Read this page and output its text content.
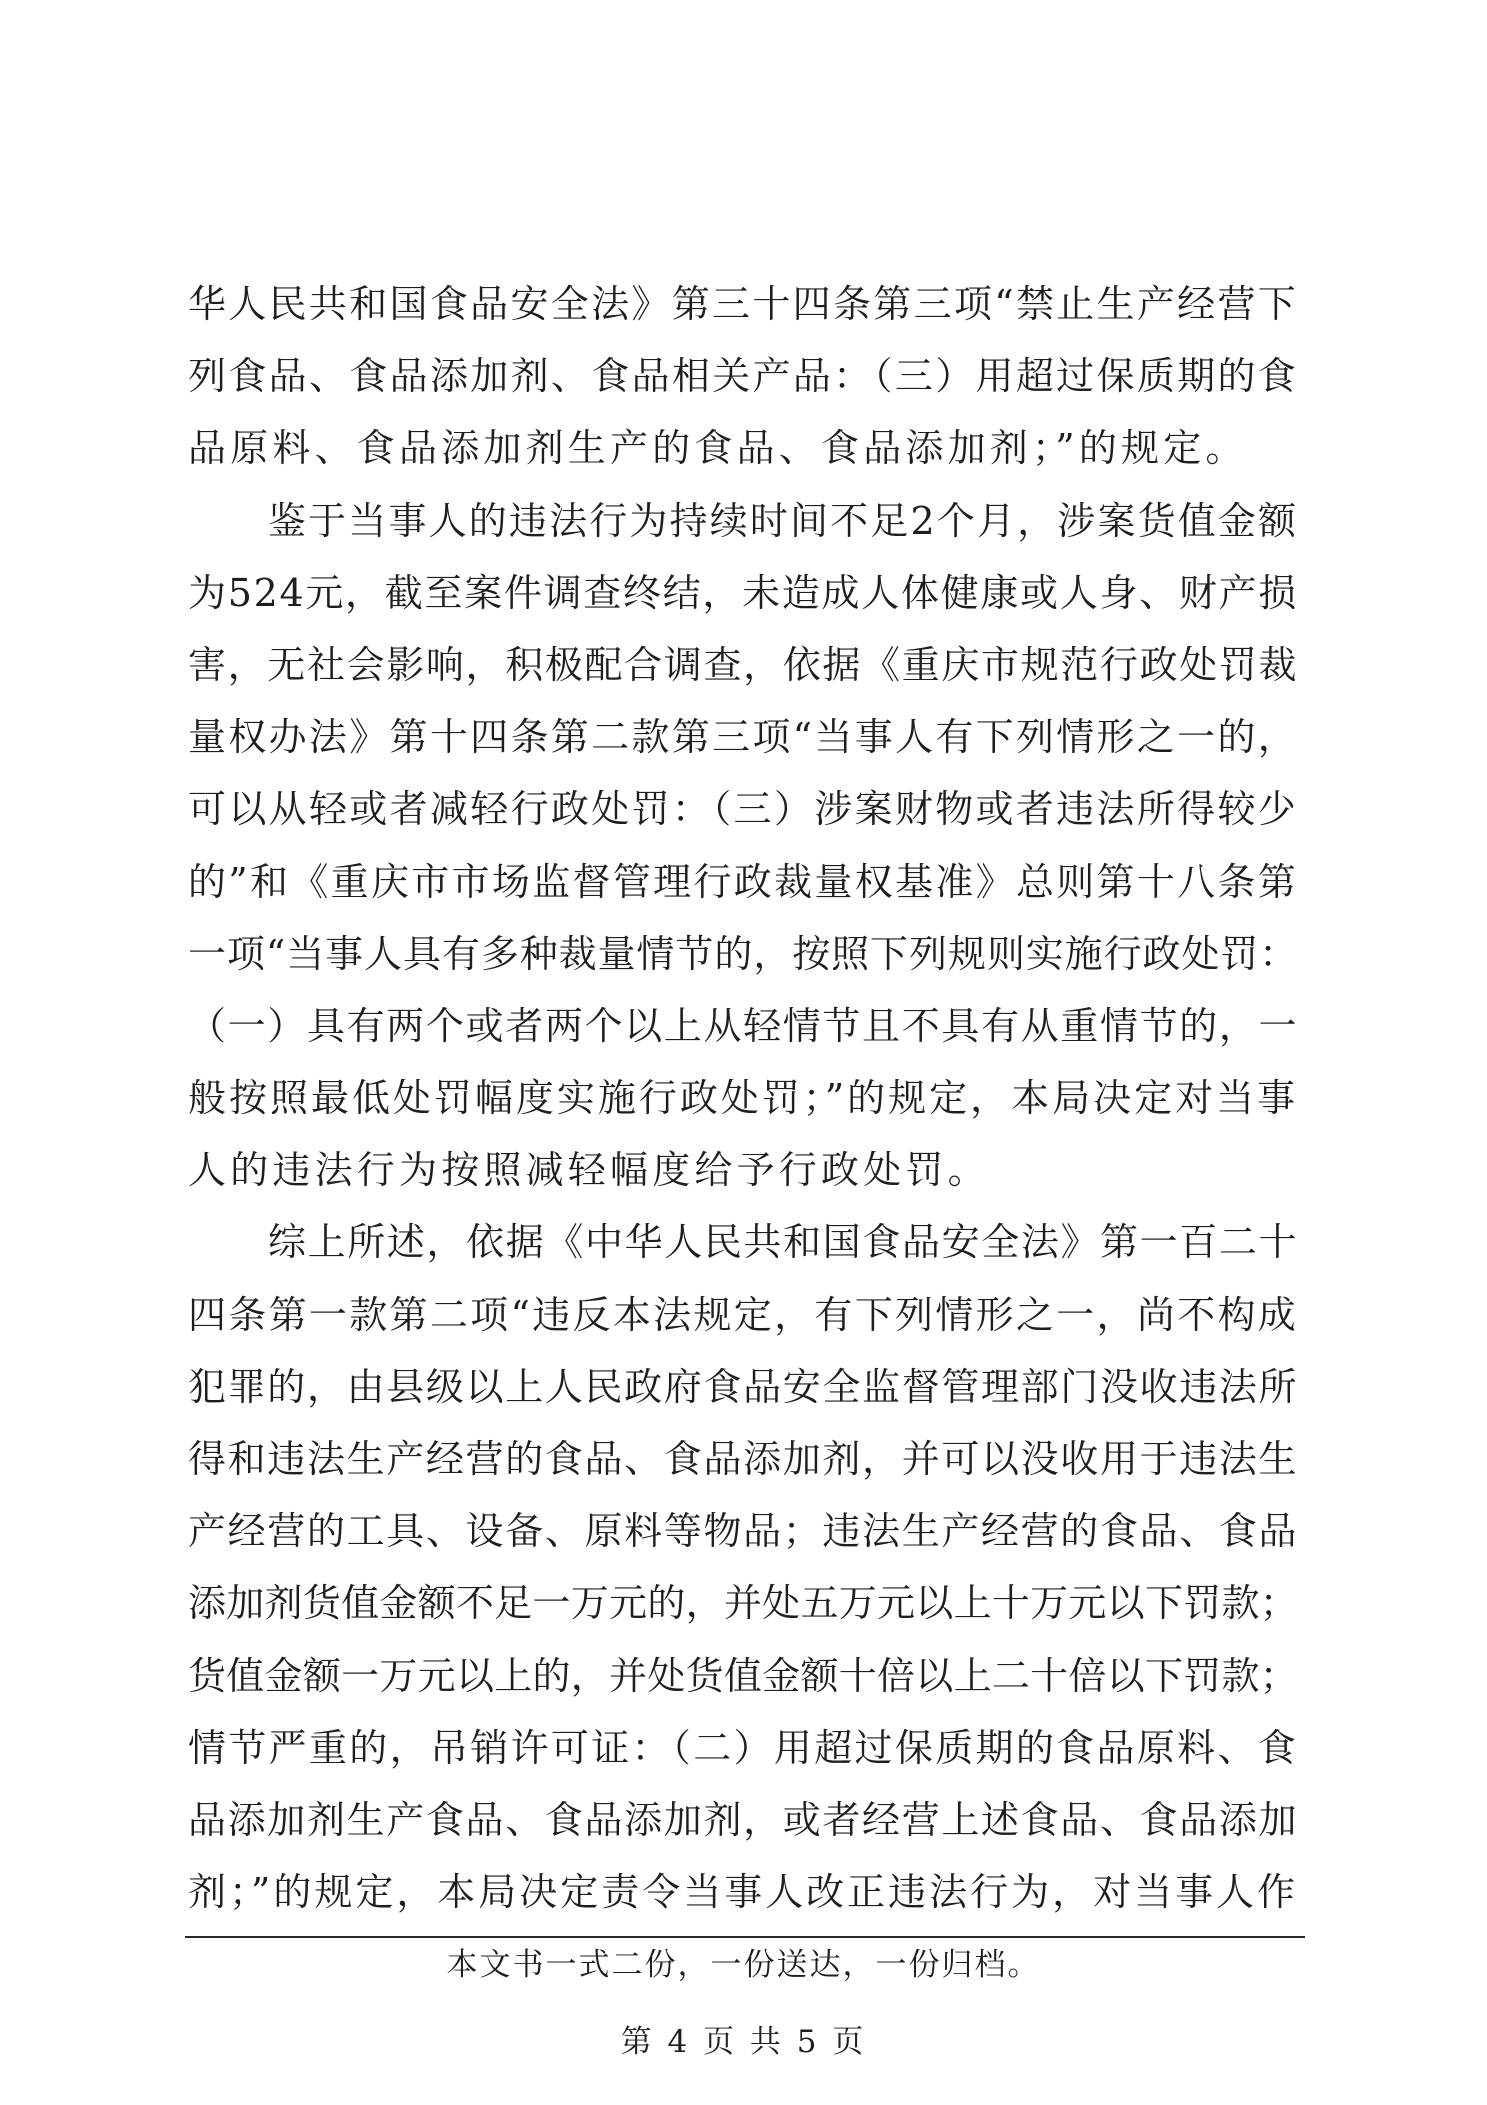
华人民共和国食品安全法》第三十四条第三项“禁止生产经营下
列食品、食品添加剂、食品相关产品：（三）用超过保质期的食
品原料、食品添加剂生产的食品、食品添加剂；”的规定。
鉴于当事人的违法行为持续时间不足2个月，涉案货值金额
为524元，截至案件调查终结，未造成人体健康或人身、财产损
害，无社会影响，积极配合调查，依据《重庆市规范行政处罚裁
量权办法》第十四条第二款第三项“当事人有下列情形之一的，
可以从轻或者减轻行政处罚：（三）涉案财物或者违法所得较少
的”和《重庆市市场监督管理行政裁量权基准》总则第十八条第
一项“当事人具有多种裁量情节的，按照下列规则实施行政处罚：
（一）具有两个或者两个以上从轻情节且不具有从重情节的，一
般按照最低处罚幅度实施行政处罚；”的规定，本局决定对当事
人的违法行为按照减轻幅度给予行政处罚。
综上所述，依据《中华人民共和国食品安全法》第一百二十
四条第一款第二项“违反本法规定，有下列情形之一，尚不构成
犯罪的，由县级以上人民政府食品安全监督管理部门没收违法所
得和违法生产经营的食品、食品添加剂，并可以没收用于违法生
产经营的工具、设备、原料等物品；违法生产经营的食品、食品
添加剂货值金额不足一万元的，并处五万元以上十万元以下罚款；
货值金额一万元以上的，并处货值金额十倍以上二十倍以下罚款；
情节严重的，吊销许可证：（二）用超过保质期的食品原料、食
品添加剂生产食品、食品添加剂，或者经营上述食品、食品添加
剂；”的规定，本局决定责令当事人改正违法行为，对当事人作
本文书一式二份，一份送达，一份归档。
第 4 页 共 5 页
